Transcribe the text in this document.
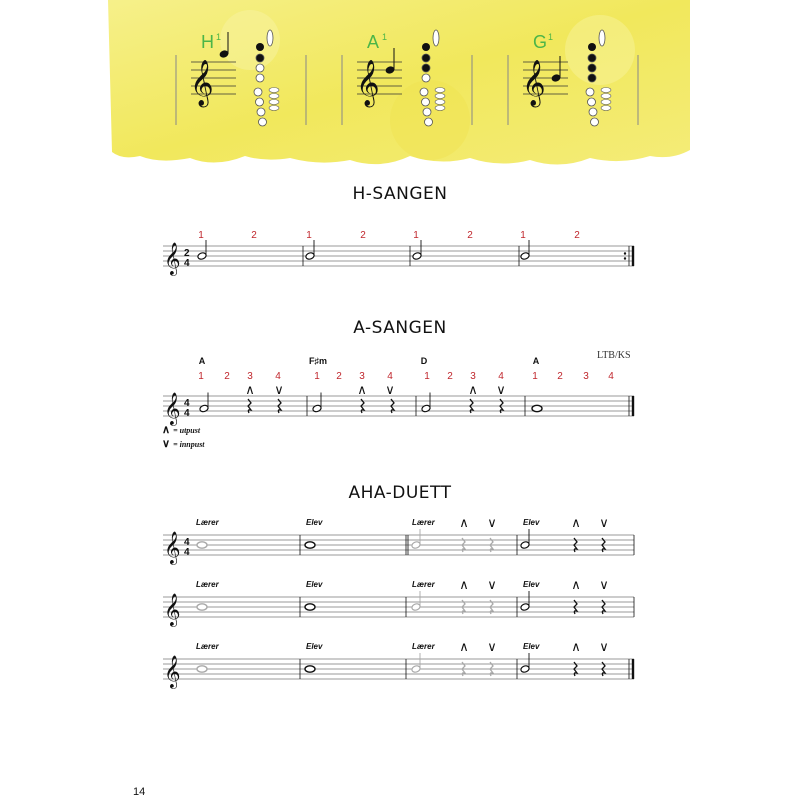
H 1
𝄞
A 1
𝄞
G 1
𝄞
H-SANGEN
A-SANGEN
AHA-DUETT
LTB/KS
∧ = utpust
∨ = innpust
14
𝄞 2
4
1	2	1	2	1	2	1	2
𝄞 4
4
A	F♯m	D	A
1 2 3 4	1 2 3 4	1 2 3 4	1 2 3 4
∧ ∨	∧ ∨	∧ ∨
𝄞 4
4
Lærer	Elev	Lærer	Elev
∧ ∨	∧ ∨
𝄞
Lærer	Elev	Lærer	Elev
∧ ∨	∧ ∨
𝄞
Lærer	Elev	Lærer	Elev
∧ ∨	∧ ∨
